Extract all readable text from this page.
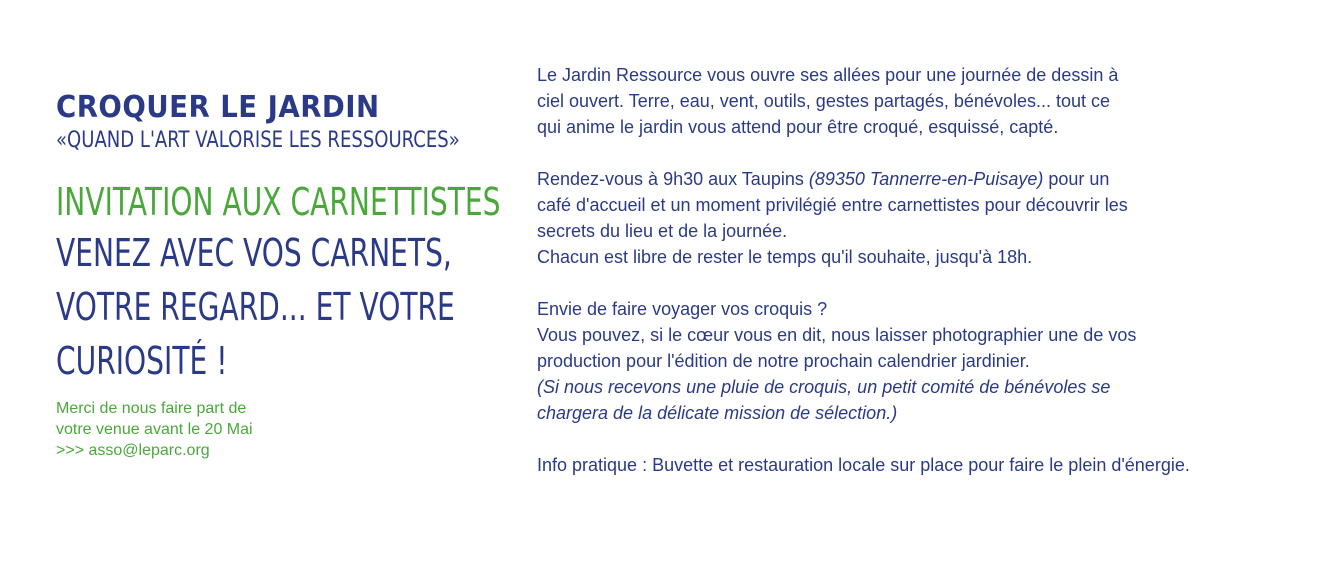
CROQUER LE JARDIN
«QUAND L'ART VALORISE LES RESSOURCES»
INVITATION AUX CARNETTISTES
VENEZ AVEC VOS CARNETS,
VOTRE REGARD... ET VOTRE
CURIOSITÉ !
Merci de nous faire part de
votre venue avant le 20 Mai
>>> asso@leparc.org
Le Jardin Ressource vous ouvre ses allées pour une journée de dessin à
ciel ouvert. Terre, eau, vent, outils, gestes partagés, bénévoles... tout ce
qui anime le jardin vous attend pour être croqué, esquissé, capté.
Rendez-vous à 9h30 aux Taupins (89350 Tannerre-en-Puisaye) pour un
café d'accueil et un moment privilégié entre carnettistes pour découvrir les
secrets du lieu et de la journée.
Chacun est libre de rester le temps qu'il souhaite, jusqu'à 18h.
Envie de faire voyager vos croquis ?
Vous pouvez, si le cœur vous en dit, nous laisser photographier une de vos
production pour l'édition de notre prochain calendrier jardinier.
(Si nous recevons une pluie de croquis, un petit comité de bénévoles se
chargera de la délicate mission de sélection.)
Info pratique : Buvette et restauration locale sur place pour faire le plein d'énergie.
